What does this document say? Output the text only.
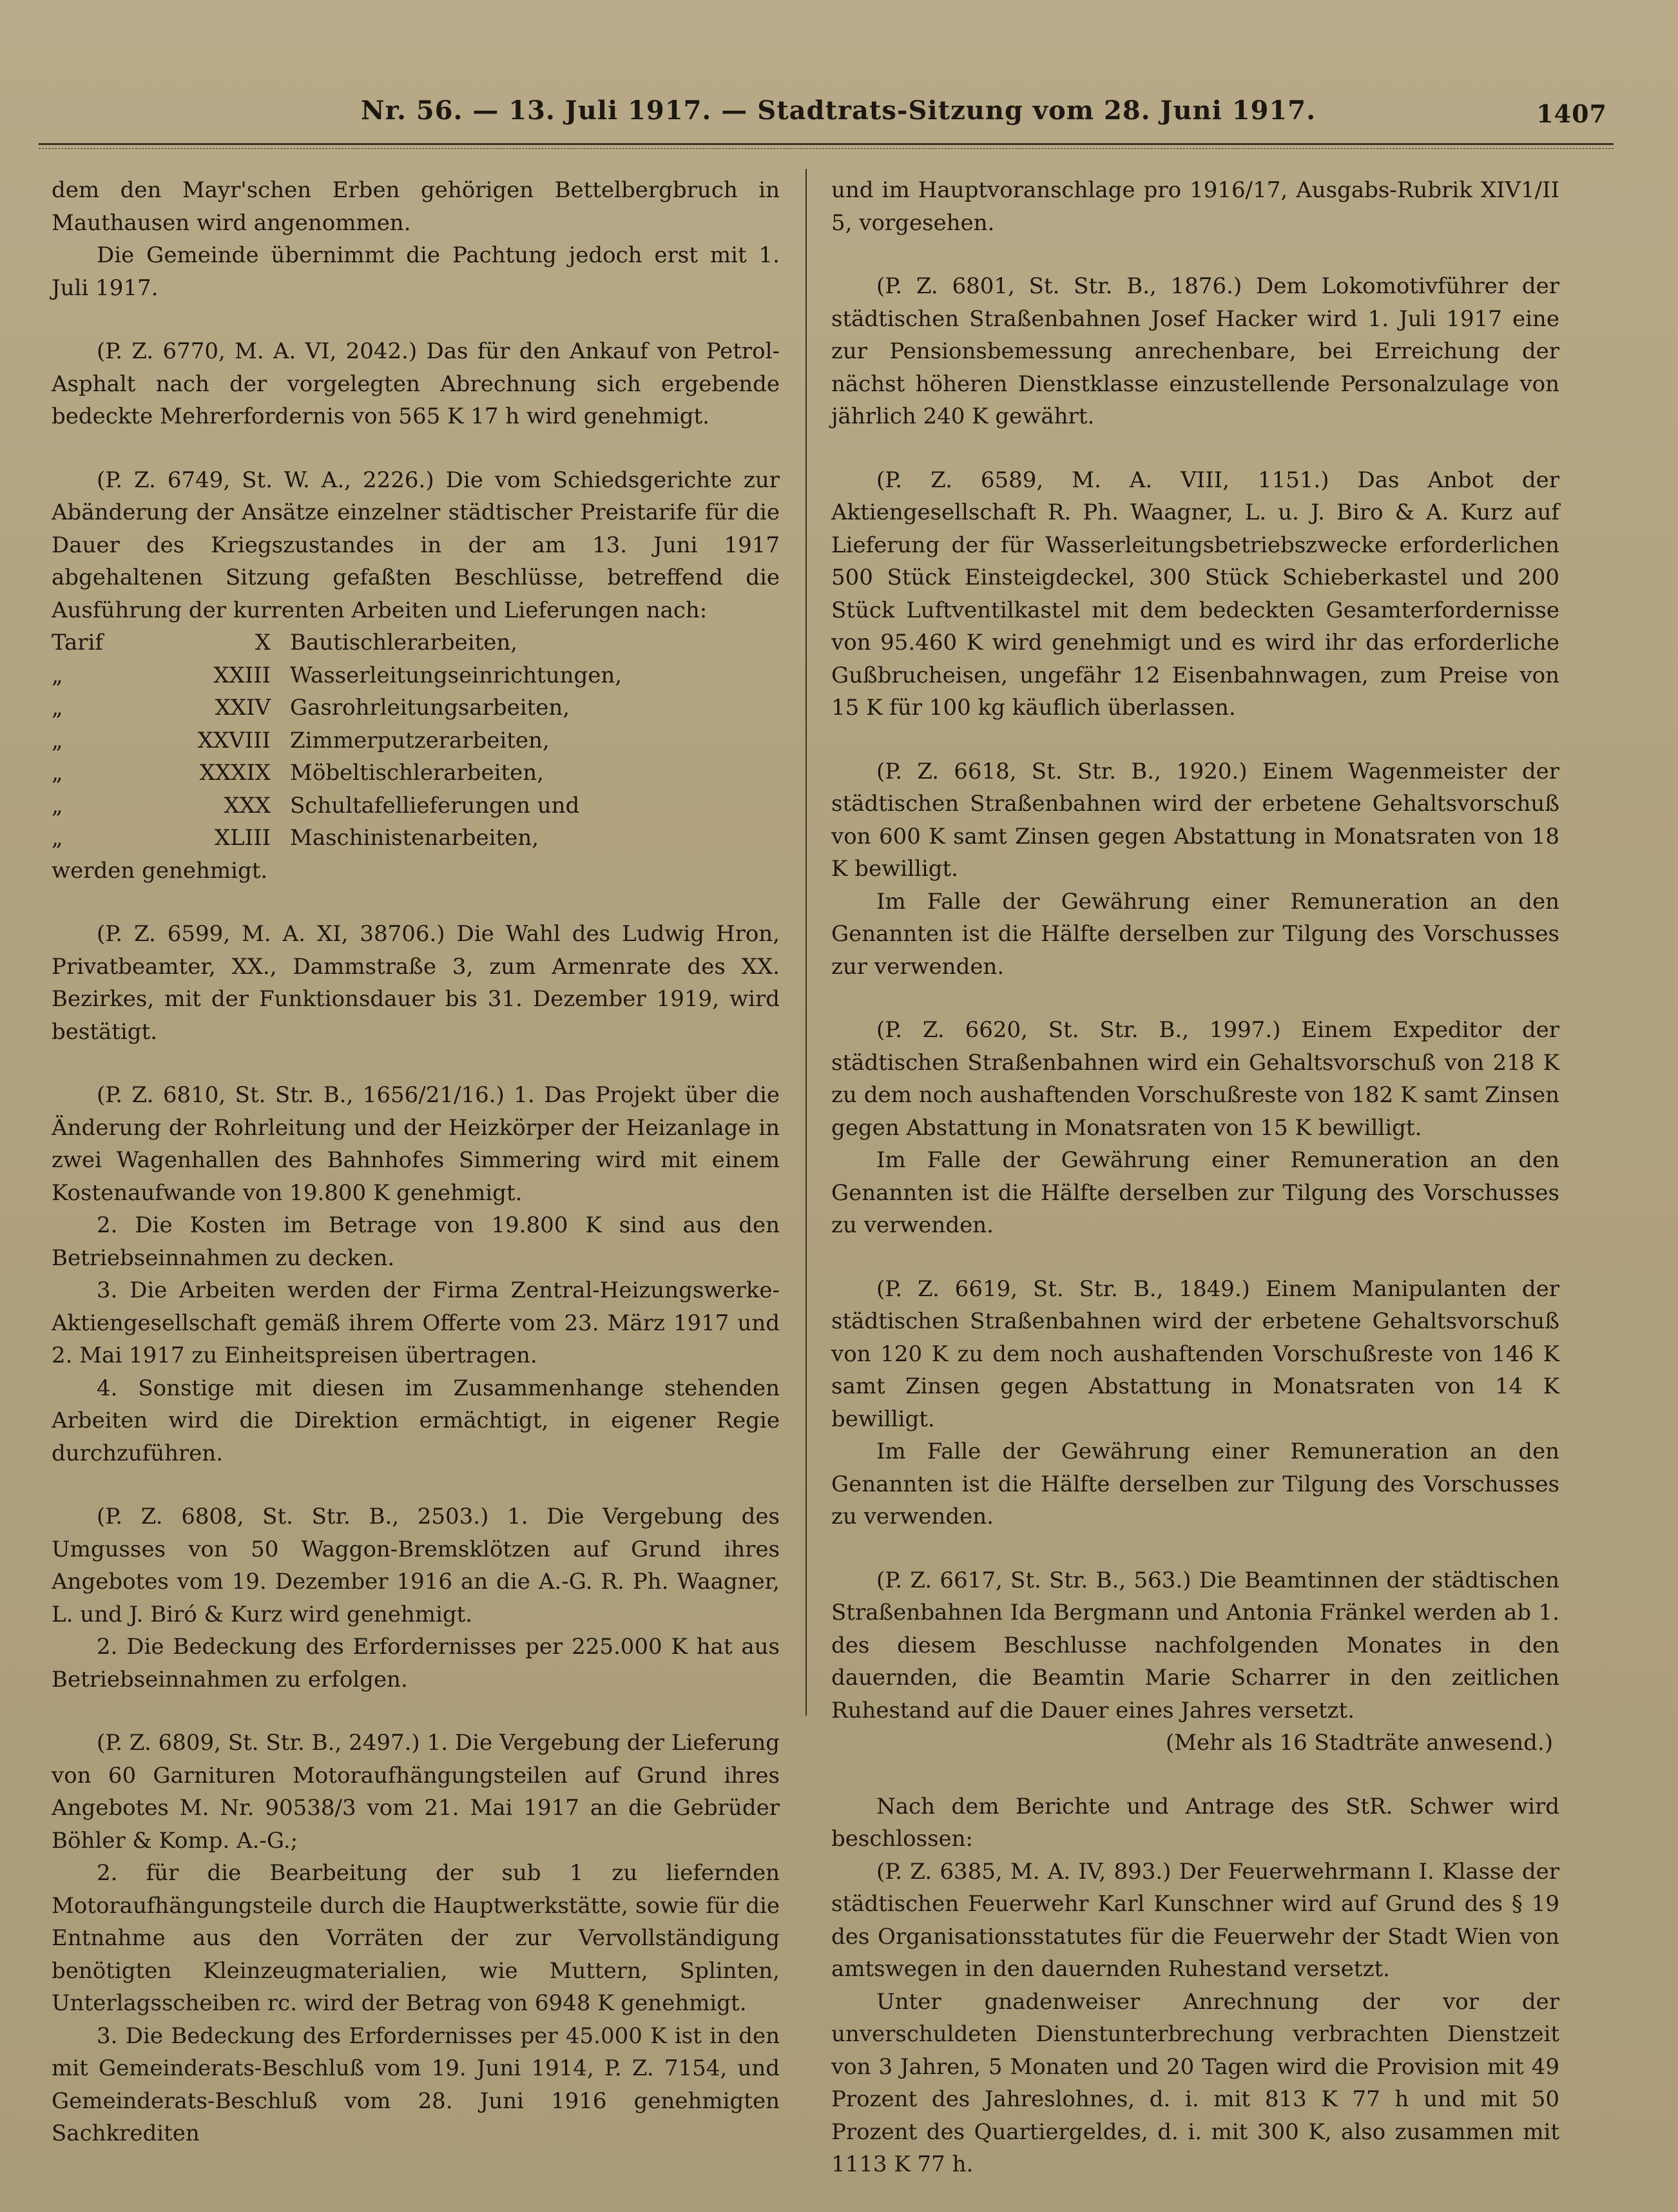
Nr. 56. — 13. Juli 1917. — Stadtrats-Sitzung vom 28. Juni 1917.	1407

dem den Mayr'schen Erben gehörigen Bettelbergbruch in Mauthausen wird angenommen.

Die Gemeinde übernimmt die Pachtung jedoch erst mit 1. Juli 1917.

(P. Z. 6770, M. A. VI, 2042.) Das für den Ankauf von Petrol-Asphalt nach der vorgelegten Abrechnung sich ergebende bedeckte Mehrerfordernis von 565 K 17 h wird genehmigt.

(P. Z. 6749, St. W. A., 2226.) Die vom Schiedsgerichte zur Abänderung der Ansätze einzelner städtischer Preistarife für die Dauer des Kriegszustandes in der am 13. Juni 1917 abgehaltenen Sitzung gefaßten Beschlüsse, betreffend die Ausführung der kurrenten Arbeiten und Lieferungen nach:

Tarif	X Bautischlerarbeiten,
„	XXIII Wasserleitungseinrichtungen,
„	XXIV Gasrohrleitungsarbeiten,
„	XXVIII Zimmerputzerarbeiten,
„	XXXIX Möbeltischlerarbeiten,
„	XXX Schultafellieferungen und
„	XLIII Maschinistenarbeiten,

werden genehmigt.

(P. Z. 6599, M. A. XI, 38706.) Die Wahl des Ludwig Hron, Privatbeamter, XX., Dammstraße 3, zum Armenrate des XX. Bezirkes, mit der Funktionsdauer bis 31. Dezember 1919, wird bestätigt.

(P. Z. 6810, St. Str. B., 1656/21/16.) 1. Das Projekt über die Änderung der Rohrleitung und der Heizkörper der Heizanlage in zwei Wagenhallen des Bahnhofes Simmering wird mit einem Kostenaufwande von 19.800 K genehmigt.

2. Die Kosten im Betrage von 19.800 K sind aus den Betriebseinnahmen zu decken.

3. Die Arbeiten werden der Firma Zentral-Heizungswerke-Aktiengesellschaft gemäß ihrem Offerte vom 23. März 1917 und 2. Mai 1917 zu Einheitspreisen übertragen.

4. Sonstige mit diesen im Zusammenhange stehenden Arbeiten wird die Direktion ermächtigt, in eigener Regie durchzuführen.

(P. Z. 6808, St. Str. B., 2503.) 1. Die Vergebung des Umgusses von 50 Waggon-Bremsklötzen auf Grund ihres Angebotes vom 19. Dezember 1916 an die A.-G. R. Ph. Waagner, L. und J. Biró & Kurz wird genehmigt.

2. Die Bedeckung des Erfordernisses per 225.000 K hat aus Betriebseinnahmen zu erfolgen.

(P. Z. 6809, St. Str. B., 2497.) 1. Die Vergebung der Lieferung von 60 Garnituren Motoraufhängungsteilen auf Grund ihres Angebotes M. Nr. 90538/3 vom 21. Mai 1917 an die Gebrüder Böhler & Komp. A.-G.;

2. für die Bearbeitung der sub 1 zu liefernden Motoraufhängungsteile durch die Hauptwerkstätte, sowie für die Entnahme aus den Vorräten der zur Vervollständigung benötigten Kleinzeugmaterialien, wie Muttern, Splinten, Unterlagsscheiben rc. wird der Betrag von 6948 K genehmigt.

3. Die Bedeckung des Erfordernisses per 45.000 K ist in den mit Gemeinderats-Beschluß vom 19. Juni 1914, P. Z. 7154, und Gemeinderats-Beschluß vom 28. Juni 1916 genehmigten Sachkrediten

und im Hauptvoranschlage pro 1916/17, Ausgabs-Rubrik XIV1/II 5, vorgesehen.

(P. Z. 6801, St. Str. B., 1876.) Dem Lokomotivführer der städtischen Straßenbahnen Josef Hacker wird 1. Juli 1917 eine zur Pensionsbemessung anrechenbare, bei Erreichung der nächst höheren Dienstklasse einzustellende Personalzulage von jährlich 240 K gewährt.

(P. Z. 6589, M. A. VIII, 1151.) Das Anbot der Aktiengesellschaft R. Ph. Waagner, L. u. J. Biro & A. Kurz auf Lieferung der für Wasserleitungsbetriebszwecke erforderlichen 500 Stück Einsteigdeckel, 300 Stück Schieberkastel und 200 Stück Luftventilkastel mit dem bedeckten Gesamterfordernisse von 95.460 K wird genehmigt und es wird ihr das erforderliche Gußbrucheisen, ungefähr 12 Eisenbahnwagen, zum Preise von 15 K für 100 kg käuflich überlassen.

(P. Z. 6618, St. Str. B., 1920.) Einem Wagenmeister der städtischen Straßenbahnen wird der erbetene Gehaltsvorschuß von 600 K samt Zinsen gegen Abstattung in Monatsraten von 18 K bewilligt.

Im Falle der Gewährung einer Remuneration an den Genannten ist die Hälfte derselben zur Tilgung des Vorschusses zur verwenden.

(P. Z. 6620, St. Str. B., 1997.) Einem Expeditor der städtischen Straßenbahnen wird ein Gehaltsvorschuß von 218 K zu dem noch aushaftenden Vorschußreste von 182 K samt Zinsen gegen Abstattung in Monatsraten von 15 K bewilligt.

Im Falle der Gewährung einer Remuneration an den Genannten ist die Hälfte derselben zur Tilgung des Vorschusses zu verwenden.

(P. Z. 6619, St. Str. B., 1849.) Einem Manipulanten der städtischen Straßenbahnen wird der erbetene Gehaltsvorschuß von 120 K zu dem noch aushaftenden Vorschußreste von 146 K samt Zinsen gegen Abstattung in Monatsraten von 14 K bewilligt.

Im Falle der Gewährung einer Remuneration an den Genannten ist die Hälfte derselben zur Tilgung des Vorschusses zu verwenden.

(P. Z. 6617, St. Str. B., 563.) Die Beamtinnen der städtischen Straßenbahnen Ida Bergmann und Antonia Fränkel werden ab 1. des diesem Beschlusse nachfolgenden Monates in den dauernden, die Beamtin Marie Scharrer in den zeitlichen Ruhestand auf die Dauer eines Jahres versetzt.

(Mehr als 16 Stadträte anwesend.)

Nach dem Berichte und Antrage des StR. Schwer wird beschlossen:

(P. Z. 6385, M. A. IV, 893.) Der Feuerwehrmann I. Klasse der städtischen Feuerwehr Karl Kunschner wird auf Grund des § 19 des Organisationsstatutes für die Feuerwehr der Stadt Wien von amtswegen in den dauernden Ruhestand versetzt.

Unter gnadenweiser Anrechnung der vor der unverschuldeten Dienstunterbrechung verbrachten Dienstzeit von 3 Jahren, 5 Monaten und 20 Tagen wird die Provision mit 49 Prozent des Jahreslohnes, d. i. mit 813 K 77 h und mit 50 Prozent des Quartiergeldes, d. i. mit 300 K, also zusammen mit 1113 K 77 h.
